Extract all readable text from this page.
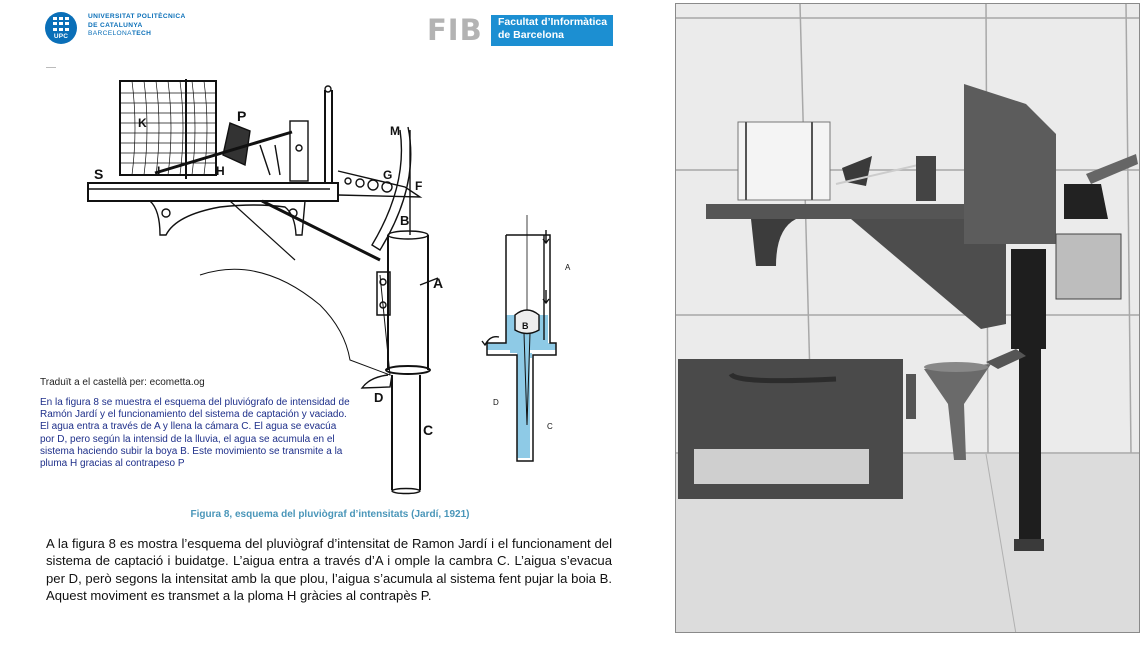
UPC
UNIVERSITAT POLITÈCNICA
DE CATALUNYA
BARCELONATECH	FIB Facultat d’Informàtica
de Barcelona
K	P
S	I	H
M
G
F
B
A
D
C
B
A
D
C
Traduït a el castellà per: ecometta.og
En la figura 8 se muestra el esquema del pluviógrafo de intensidad de Ramón Jardí y el funcionamiento del sistema de captación y vaciado. El agua entra a través de A y llena la cámara C. El agua se evacúa por D, pero según la intensid de la lluvia, el agua se acumula en el sistema haciendo subir la boya B. Este movimiento se transmite a la pluma H gracias al contrapeso P
Figura 8, esquema del pluviògraf d’intensitats (Jardí, 1921)
A la figura 8 es mostra l’esquema del pluviògraf d’intensitat de Ramon Jardí i el funcionament del sistema de captació i buidatge. L’aigua entra a través d’A i omple la cambra C. L’aigua s’evacua per D, però segons la intensitat amb la que plou, l’aigua s’acumula al sistema fent pujar la boia B. Aquest moviment es transmet a la ploma H gràcies al contrapès P.
